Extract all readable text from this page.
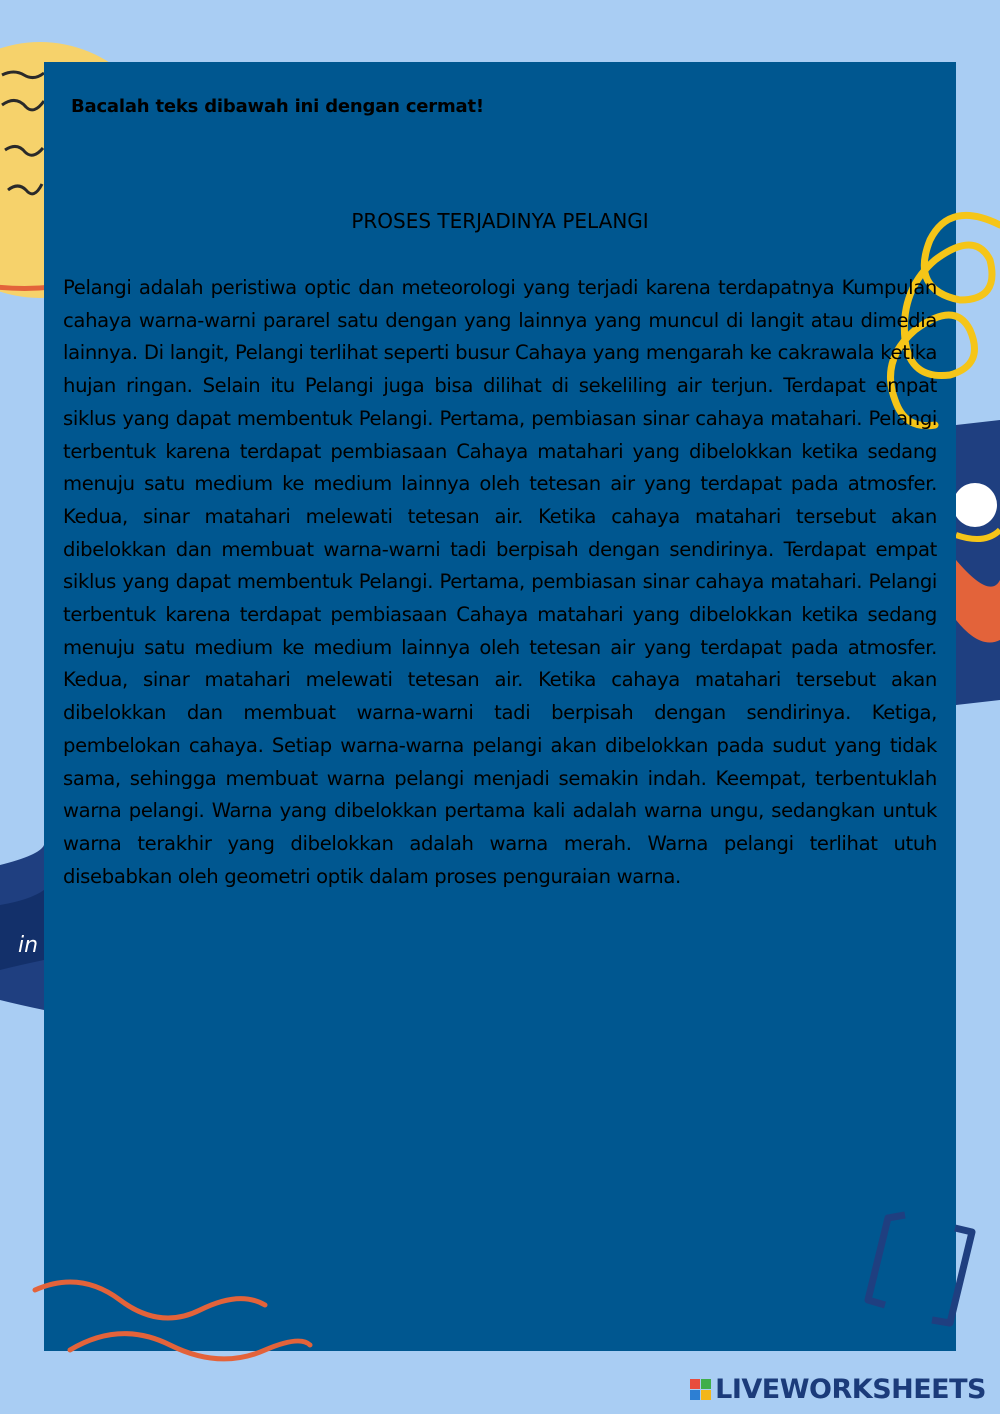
in

Bacalah teks dibawah ini dengan cermat!

PROSES TERJADINYA PELANGI

Pelangi adalah peristiwa optic dan meteorologi yang terjadi karena terdapatnya Kumpulan cahaya warna-warni pararel satu dengan yang lainnya yang muncul di langit atau dimedia lainnya. Di langit, Pelangi terlihat seperti busur Cahaya yang mengarah ke cakrawala ketika hujan ringan. Selain itu Pelangi juga bisa dilihat di sekeliling air terjun. Terdapat empat siklus yang dapat membentuk Pelangi. Pertama, pembiasan sinar cahaya matahari. Pelangi terbentuk karena terdapat pembiasaan Cahaya matahari yang dibelokkan ketika sedang menuju satu medium ke medium lainnya oleh tetesan air yang terdapat pada atmosfer. Kedua, sinar matahari melewati tetesan air. Ketika cahaya matahari tersebut akan dibelokkan dan membuat warna-warni tadi berpisah dengan sendirinya. Terdapat empat siklus yang dapat membentuk Pelangi. Pertama, pembiasan sinar cahaya matahari. Pelangi terbentuk karena terdapat pembiasaan Cahaya matahari yang dibelokkan ketika sedang menuju satu medium ke medium lainnya oleh tetesan air yang terdapat pada atmosfer. Kedua, sinar matahari melewati tetesan air. Ketika cahaya matahari tersebut akan dibelokkan dan membuat warna-warni tadi berpisah dengan sendirinya. Ketiga, pembelokan cahaya. Setiap warna-warna pelangi akan dibelokkan pada sudut yang tidak sama, sehingga membuat warna pelangi menjadi semakin indah. Keempat, terbentuklah warna pelangi. Warna yang dibelokkan pertama kali adalah warna ungu, sedangkan untuk warna terakhir yang dibelokkan adalah warna merah. Warna pelangi terlihat utuh disebabkan oleh geometri optik dalam proses penguraian warna.

LIVEWORKSHEETS
